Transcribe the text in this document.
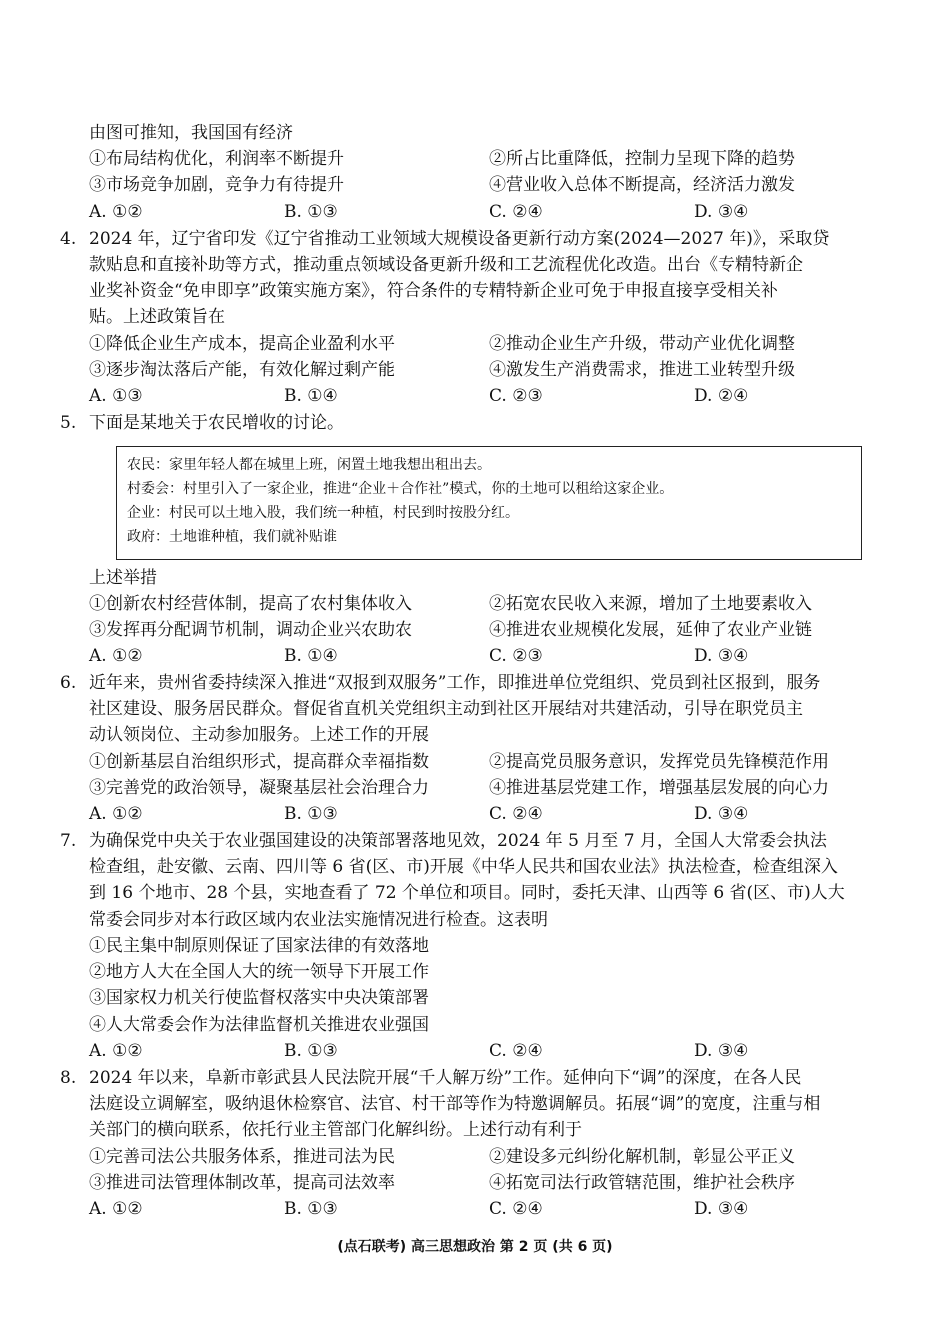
由图可推知，我国国有经济
①布局结构优化，利润率不断提升	②所占比重降低，控制力呈现下降的趋势
③市场竞争加剧，竞争力有待提升	④营业收入总体不断提高，经济活力激发
A. ①②	B. ①③	C. ②④	D. ③④
4. 2024 年，辽宁省印发《辽宁省推动工业领域大规模设备更新行动方案(2024—2027 年)》，采取贷
款贴息和直接补助等方式，推动重点领域设备更新升级和工艺流程优化改造。出台《专精特新企
业奖补资金“免申即享”政策实施方案》，符合条件的专精特新企业可免于申报直接享受相关补
贴。上述政策旨在
①降低企业生产成本，提高企业盈利水平	②推动企业生产升级，带动产业优化调整
③逐步淘汰落后产能，有效化解过剩产能	④激发生产消费需求，推进工业转型升级
A. ①③	B. ①④	C. ②③	D. ②④
5. 下面是某地关于农民增收的讨论。
农民：家里年轻人都在城里上班，闲置土地我想出租出去。
村委会：村里引入了一家企业，推进“企业＋合作社”模式，你的土地可以租给这家企业。
企业：村民可以土地入股，我们统一种植，村民到时按股分红。
政府：土地谁种植，我们就补贴谁
上述举措
①创新农村经营体制，提高了农村集体收入	②拓宽农民收入来源，增加了土地要素收入
③发挥再分配调节机制，调动企业兴农助农	④推进农业规模化发展，延伸了农业产业链
A. ①②	B. ①④	C. ②③	D. ③④
6. 近年来，贵州省委持续深入推进“双报到双服务”工作，即推进单位党组织、党员到社区报到，服务
社区建设、服务居民群众。督促省直机关党组织主动到社区开展结对共建活动，引导在职党员主
动认领岗位、主动参加服务。上述工作的开展
①创新基层自治组织形式，提高群众幸福指数	②提高党员服务意识，发挥党员先锋模范作用
③完善党的政治领导，凝聚基层社会治理合力	④推进基层党建工作，增强基层发展的向心力
A. ①②	B. ①③	C. ②④	D. ③④
7. 为确保党中央关于农业强国建设的决策部署落地见效，2024 年 5 月至 7 月，全国人大常委会执法
检查组，赴安徽、云南、四川等 6 省(区、市)开展《中华人民共和国农业法》执法检查，检查组深入
到 16 个地市、28 个县，实地查看了 72 个单位和项目。同时，委托天津、山西等 6 省(区、市)人大
常委会同步对本行政区域内农业法实施情况进行检查。这表明
①民主集中制原则保证了国家法律的有效落地
②地方人大在全国人大的统一领导下开展工作
③国家权力机关行使监督权落实中央决策部署
④人大常委会作为法律监督机关推进农业强国
A. ①②	B. ①③	C. ②④	D. ③④
8. 2024 年以来，阜新市彰武县人民法院开展“千人解万纷”工作。延伸向下“调”的深度，在各人民
法庭设立调解室，吸纳退休检察官、法官、村干部等作为特邀调解员。拓展“调”的宽度，注重与相
关部门的横向联系，依托行业主管部门化解纠纷。上述行动有利于
①完善司法公共服务体系，推进司法为民	②建设多元纠纷化解机制，彰显公平正义
③推进司法管理体制改革，提高司法效率	④拓宽司法行政管辖范围，维护社会秩序
A. ①②	B. ①③	C. ②④	D. ③④
(点石联考) 高三思想政治 第 2 页 (共 6 页)
